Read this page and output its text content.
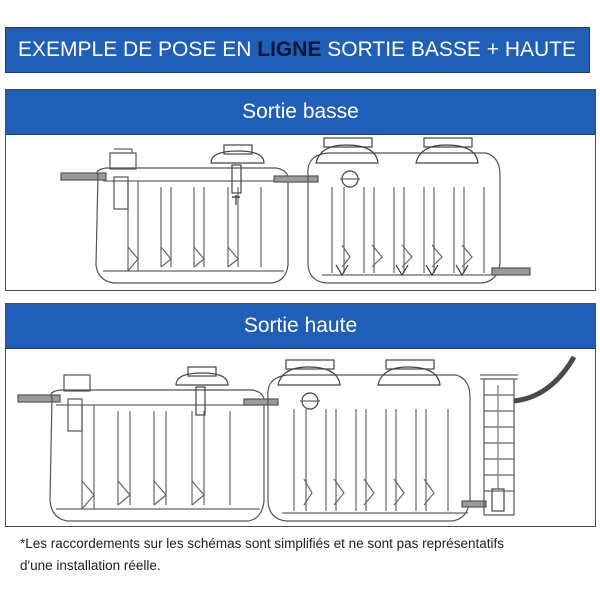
EXEMPLE DE POSE EN LIGNE SORTIE BASSE + HAUTE
Sortie basse
Sortie haute
*Les raccordements sur les schémas sont simplifiés et ne sont pas représentatifs
d'une installation réelle.
